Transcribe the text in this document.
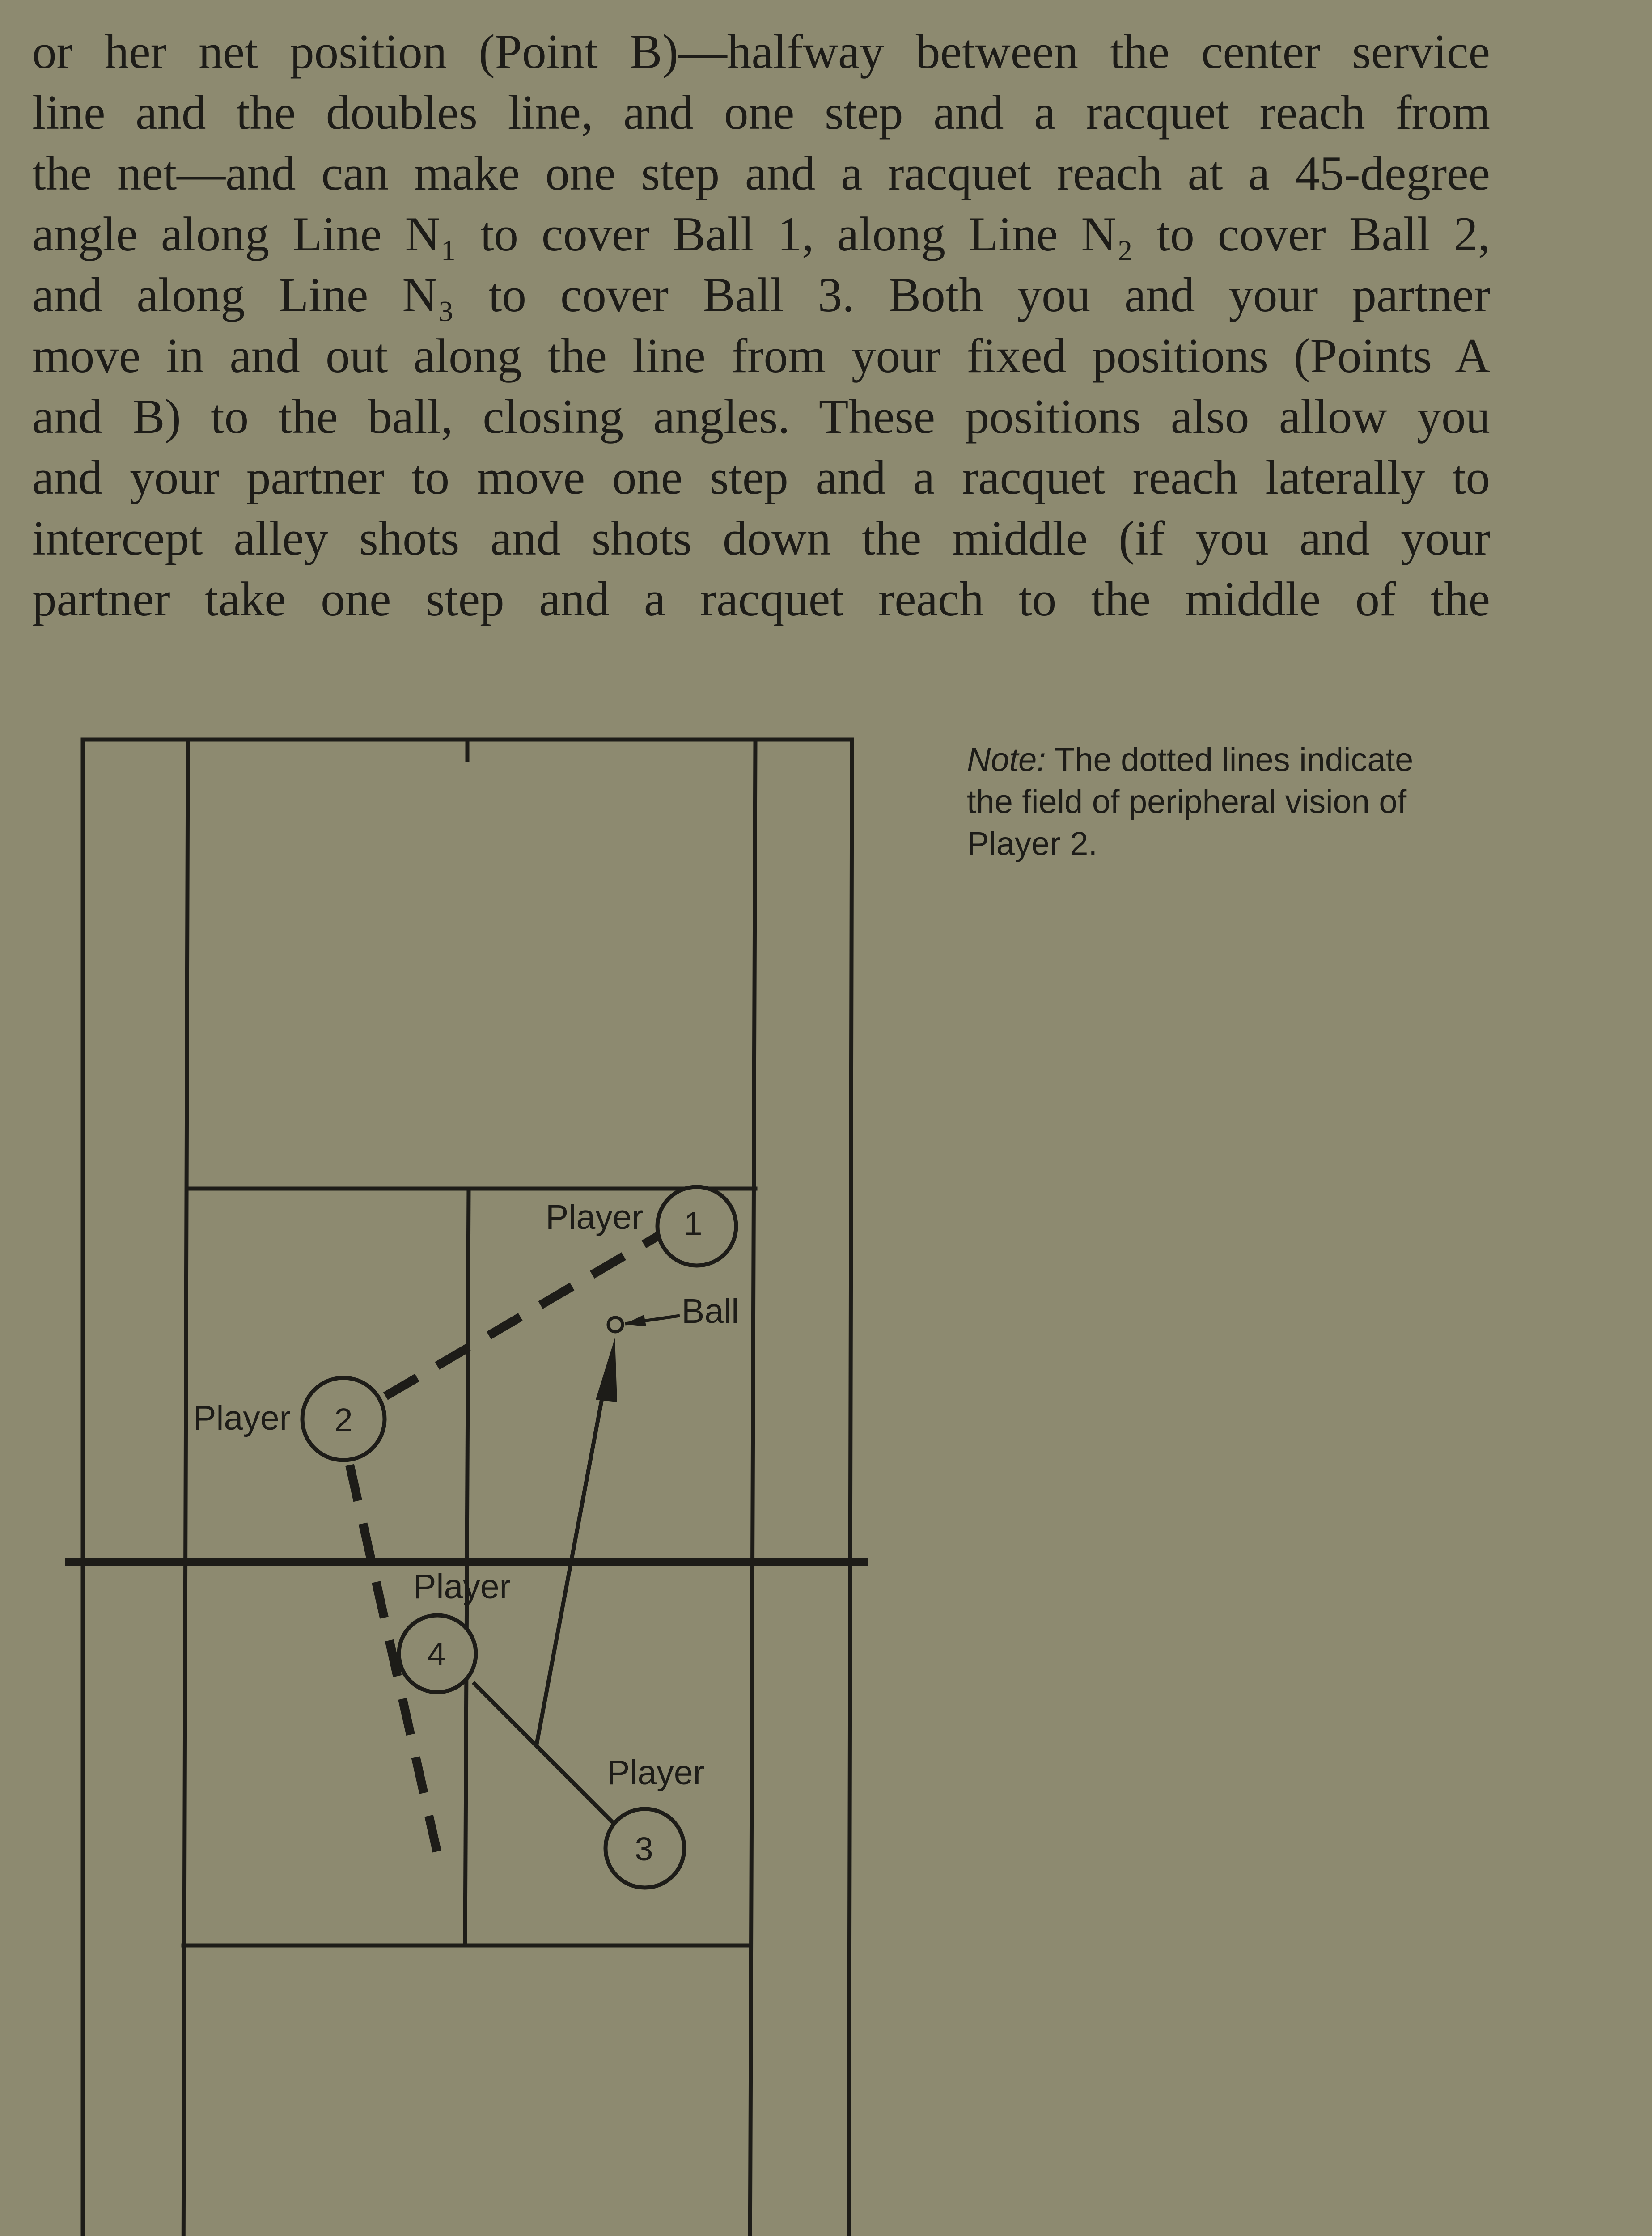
or her net position (Point B)—halfway between the center service
line and the doubles line, and one step and a racquet reach from
the net—and can make one step and a racquet reach at a 45-degree
angle along Line N₁ to cover Ball 1, along Line N₂ to cover Ball 2,
and along Line N₃ to cover Ball 3. Both you and your partner
move in and out along the line from your fixed positions (Points A
and B) to the ball, closing angles. These positions also allow you
and your partner to move one step and a racquet reach laterally to
intercept alley shots and shots down the middle (if you and your
partner take one step and a racquet reach to the middle of the
1
2
4
3
Player
Player
Player
Player
Ball

Note: The dotted lines indicate
the field of peripheral vision of
Player 2.
